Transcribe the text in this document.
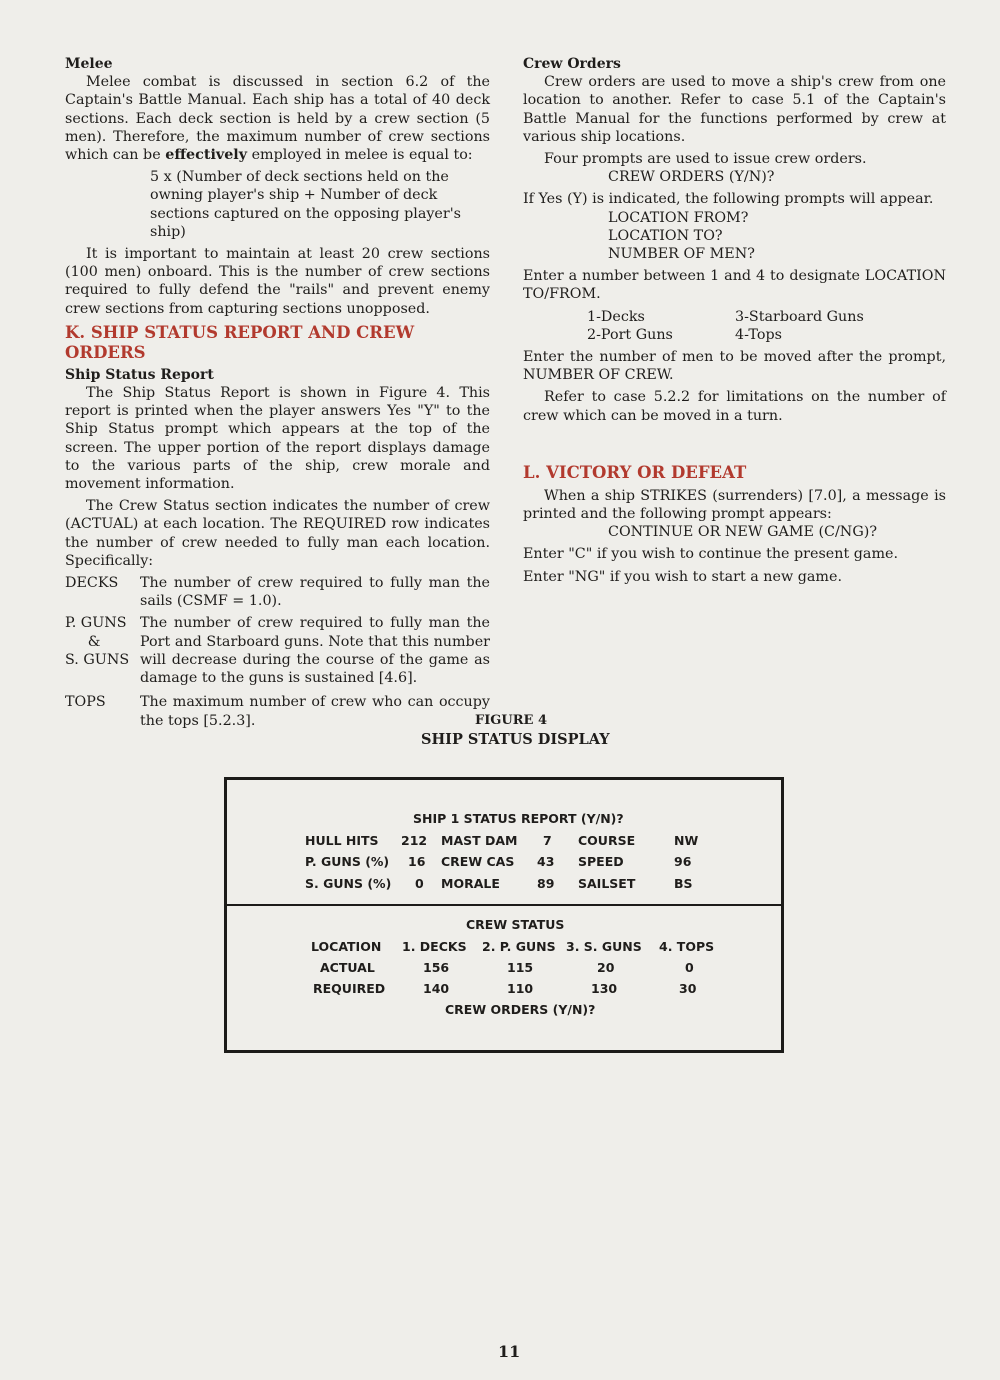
Melee

Melee combat is discussed in section 6.2 of the Captain's Battle Manual. Each ship has a total of 40 deck sections. Each deck section is held by a crew section (5 men). Therefore, the maximum number of crew sections which can be effectively employed in melee is equal to:

5 x (Number of deck sections held on the owning player's ship + Number of deck sections captured on the opposing player's ship)

It is important to maintain at least 20 crew sections (100 men) onboard. This is the number of crew sections required to fully defend the "rails" and prevent enemy crew sections from capturing sections unopposed.

K. SHIP STATUS REPORT AND CREW ORDERS
Ship Status Report

The Ship Status Report is shown in Figure 4. This report is printed when the player answers Yes "Y" to the Ship Status prompt which appears at the top of the screen. The upper portion of the report displays damage to the various parts of the ship, crew morale and movement information.

The Crew Status section indicates the number of crew (ACTUAL) at each location. The REQUIRED row indicates the number of crew needed to fully man each location. Specifically:

DECKS	The number of crew required to fully man the sails (CSMF = 1.0).
P. GUNS
&
S. GUNS
The number of crew required to fully man the Port and Starboard guns. Note that this number will decrease during the course of the game as damage to the guns is sustained [4.6].
TOPS	The maximum number of crew who can occupy the tops [5.2.3].
Crew Orders

Crew orders are used to move a ship's crew from one location to another. Refer to case 5.1 of the Captain's Battle Manual for the functions performed by crew at various ship locations.

Four prompts are used to issue crew orders.

CREW ORDERS (Y/N)?

If Yes (Y) is indicated, the following prompts will appear.

LOCATION FROM?
LOCATION TO?
NUMBER OF MEN?

Enter a number between 1 and 4 to designate LOCATION TO/FROM.

1-Decks	3-Starboard Guns
2-Port Guns	4-Tops

Enter the number of men to be moved after the prompt, NUMBER OF CREW.

Refer to case 5.2.2 for limitations on the number of crew which can be moved in a turn.

L. VICTORY OR DEFEAT

When a ship STRIKES (surrenders) [7.0], a message is printed and the following prompt appears:

CONTINUE OR NEW GAME (C/NG)?

Enter "C" if you wish to continue the present game.

Enter "NG" if you wish to start a new game.

FIGURE 4
SHIP STATUS DISPLAY
SHIP 1 STATUS REPORT (Y/N)?
HULL HITS 212 MAST DAM 7 COURSE	NW
P. GUNS (%) 16 CREW CAS 43 SPEED	96
S. GUNS (%) 0 MORALE	89 SAILSET	BS
CREW STATUS
LOCATION 1. DECKS 2. P. GUNS 3. S. GUNS 4. TOPS
ACTUAL	156	115	20	0
REQUIRED	140	110	130	30
CREW ORDERS (Y/N)?
11
